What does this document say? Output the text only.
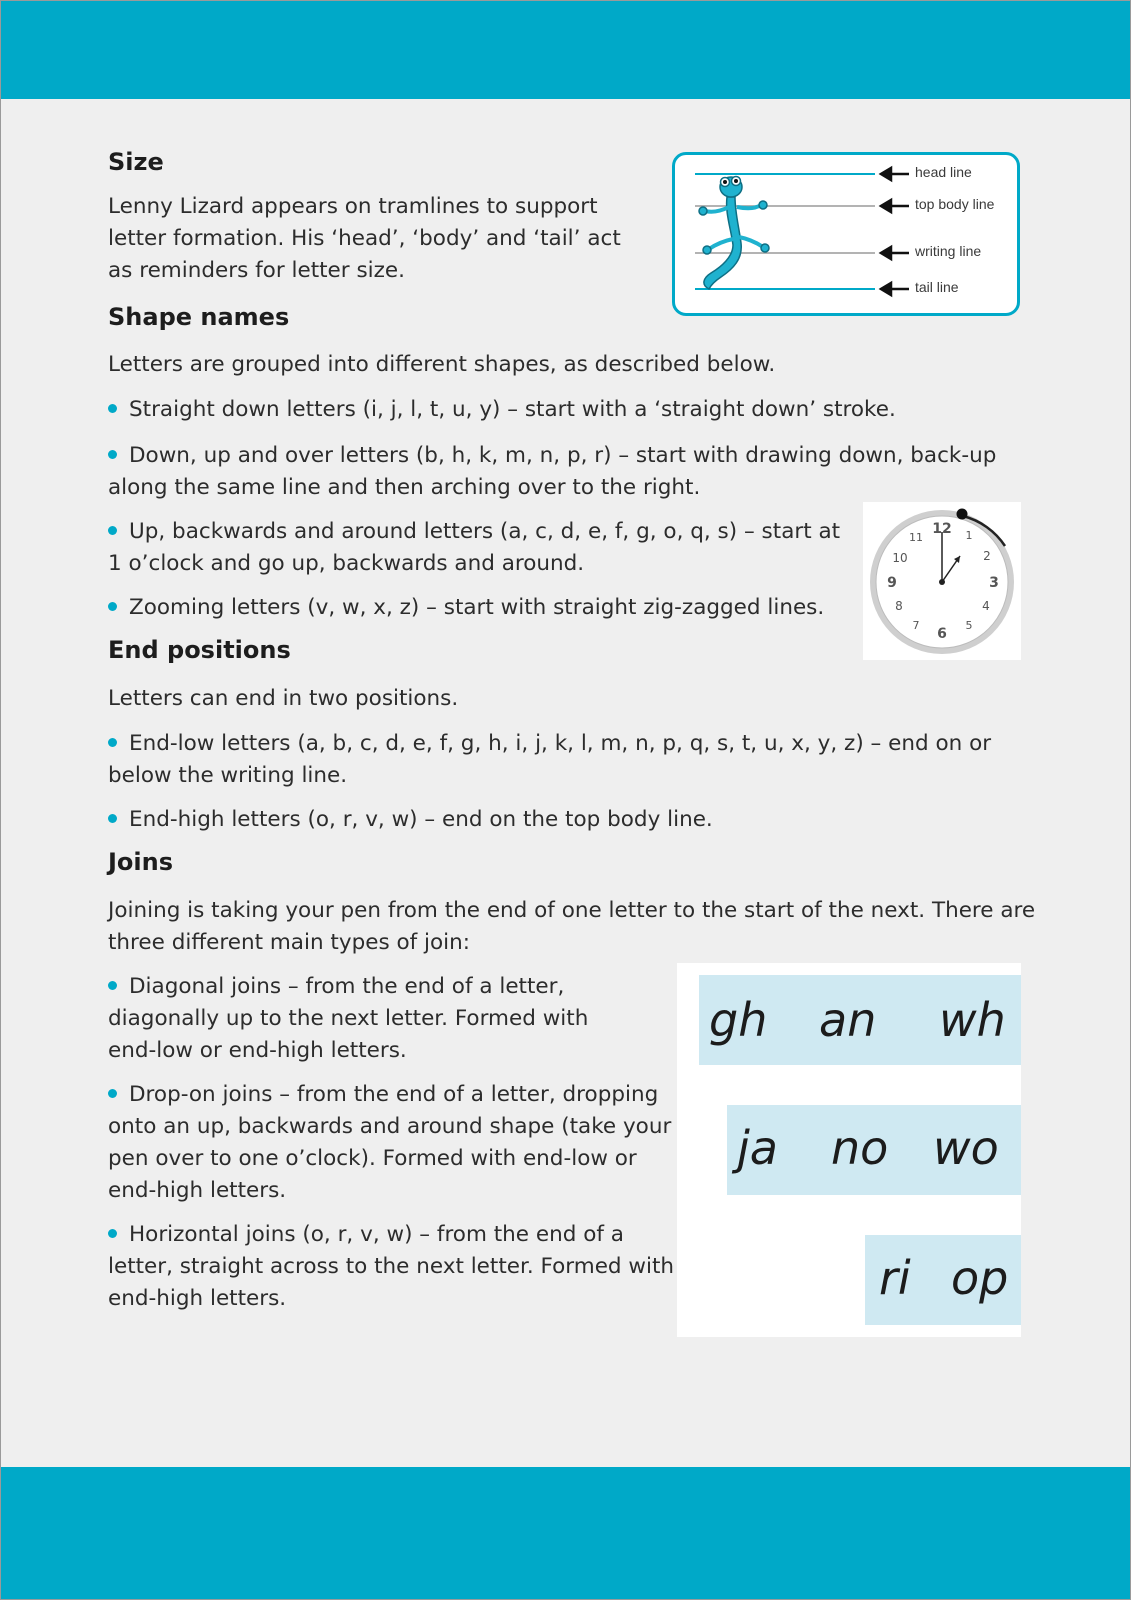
Size

Lenny Lizard appears on tramlines to support

letter formation. His ‘head’, ‘body’ and ‘tail’ act

as reminders for letter size.

head line
top body line
writing line
tail line
Shape names

Letters are grouped into different shapes, as described below.

Straight down letters (i, j, l, t, u, y) – start with a ‘straight down’ stroke.

Down, up and over letters (b, h, k, m, n, p, r) – start with drawing down, back-up

along the same line and then arching over to the right.

Up, backwards and around letters (a, c, d, e, f, g, o, q, s) – start at

1 o’clock and go up, backwards and around.

Zooming letters (v, w, x, z) – start with straight zig-zagged lines.

12 1
2
3
4
5
6
7
8
9
10
11
End positions

Letters can end in two positions.

End-low letters (a, b, c, d, e, f, g, h, i, j, k, l, m, n, p, q, s, t, u, x, y, z) – end on or

below the writing line.

End-high letters (o, r, v, w) – end on the top body line.

Joins

Joining is taking your pen from the end of one letter to the start of the next. There are

three different main types of join:

Diagonal joins – from the end of a letter,

diagonally up to the next letter. Formed with

end-low or end-high letters.

Drop-on joins – from the end of a letter, dropping

onto an up, backwards and around shape (take your

pen over to one o’clock). Formed with end-low or

end-high letters.

Horizontal joins (o, r, v, w) – from the end of a

letter, straight across to the next letter. Formed with

end-high letters.

gh an wh
ja no wo
ri op
